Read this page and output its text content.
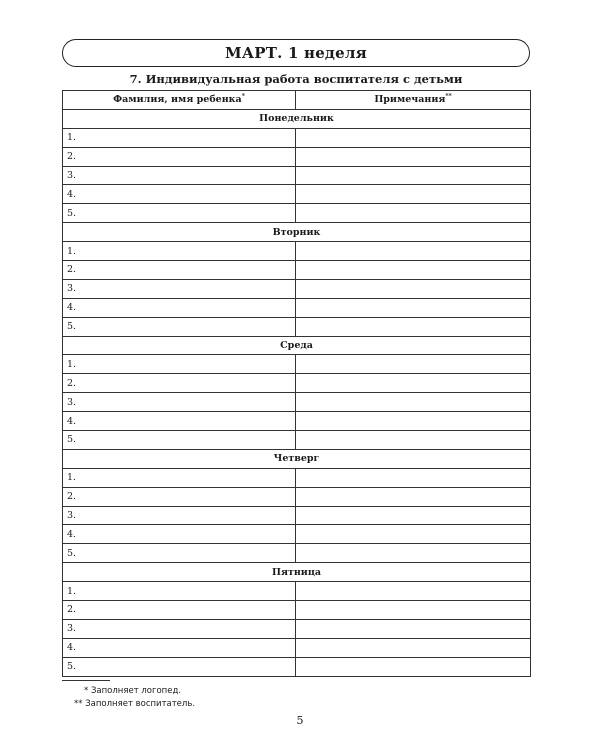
МАРТ. 1 неделя
7. Индивидуальная работа воспитателя с детьми
Фамилия, имя ребенка*	Примечания**
Понедельник	
1.	
2.	
3.	
4.	
5.	
Вторник	
1.	
2.	
3.	
4.	
5.	
Среда	
1.	
2.	
3.	
4.	
5.	
Четверг	
1.	
2.	
3.	
4.	
5.	
Пятница	
1.	
2.	
3.	
4.	
5.	
* Заполняет логопед.
** Заполняет воспитатель.
5
